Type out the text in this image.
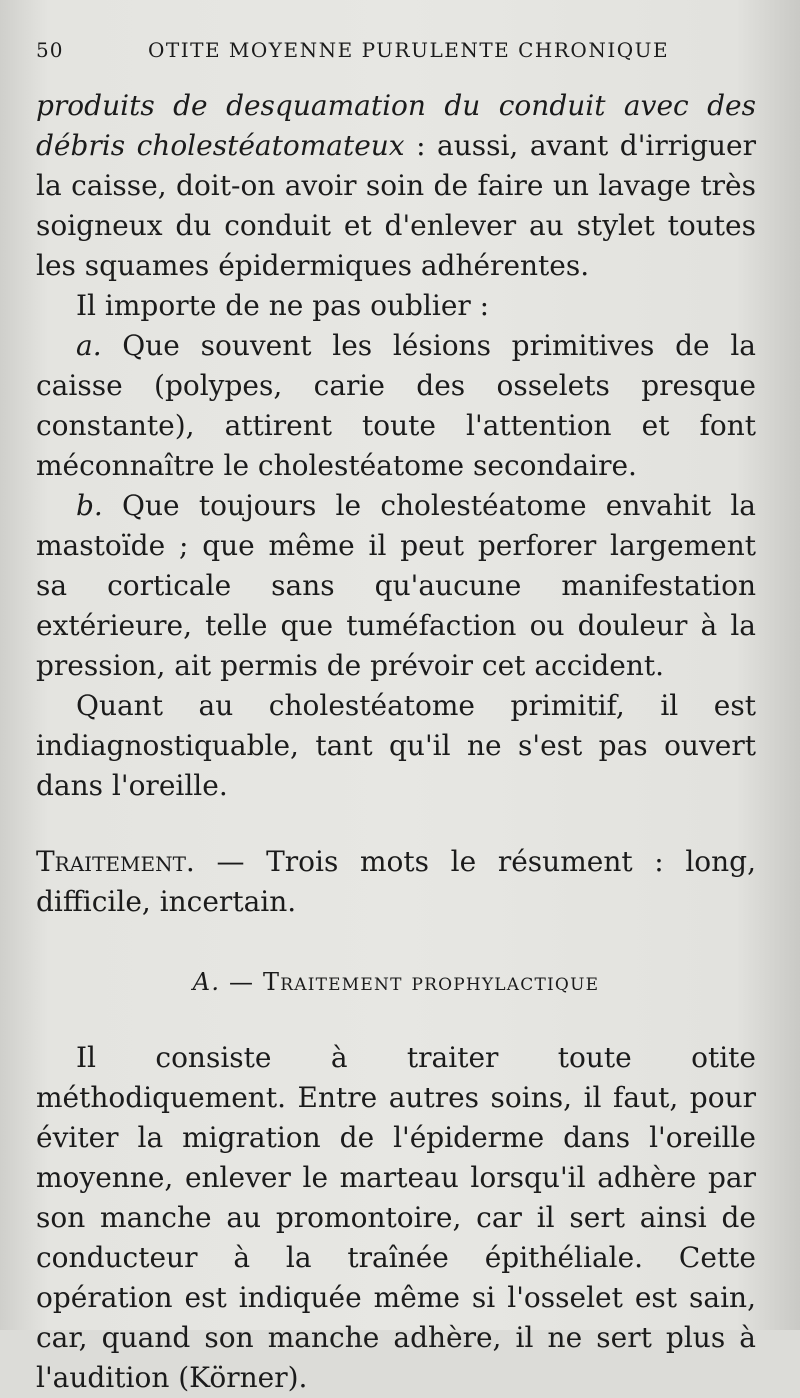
50	OTITE MOYENNE PURULENTE CHRONIQUE

produits de desquamation du conduit avec des débris cholestéatomateux : aussi, avant d'irriguer la caisse, doit-on avoir soin de faire un lavage très soigneux du conduit et d'enlever au stylet toutes les squames épidermiques adhérentes.

Il importe de ne pas oublier :

a. Que souvent les lésions primitives de la caisse (polypes, carie des osselets presque constante), attirent toute l'attention et font méconnaître le cholestéatome secondaire.

b. Que toujours le cholestéatome envahit la mastoïde ; que même il peut perforer largement sa corticale sans qu'aucune manifestation extérieure, telle que tuméfaction ou douleur à la pression, ait permis de prévoir cet accident.

Quant au cholestéatome primitif, il est indiagnostiquable, tant qu'il ne s'est pas ouvert dans l'oreille.

Traitement. — Trois mots le résument : long, difficile, incertain.

A. — Traitement prophylactique

Il consiste à traiter toute otite méthodiquement. Entre autres soins, il faut, pour éviter la migration de l'épiderme dans l'oreille moyenne, enlever le marteau lorsqu'il adhère par son manche au promontoire, car il sert ainsi de conducteur à la traînée épithéliale. Cette opération est indiquée même si l'osselet est sain, car, quand son manche adhère, il ne sert plus à l'audition (Körner).
